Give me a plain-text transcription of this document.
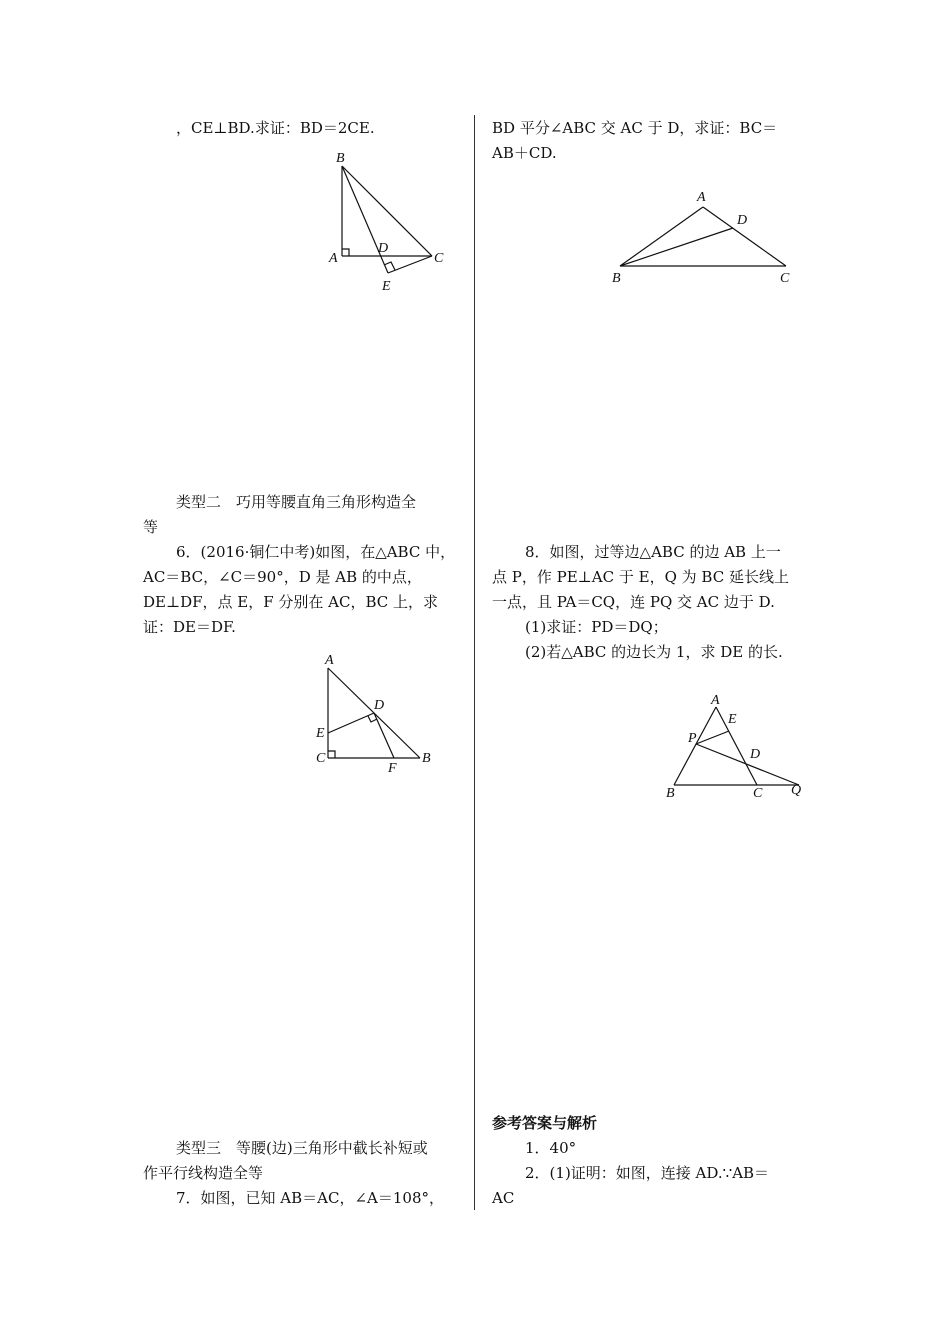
，CE⊥BD.求证：BD＝2CE.
B
A
D
C
E
类型二　巧用等腰直角三角形构造全
等
6．(2016·铜仁中考)如图，在△ABC 中，
AC＝BC，∠C＝90°，D 是 AB 的中点，
DE⊥DF，点 E，F 分别在 AC，BC 上，求
证：DE＝DF.
A
D
E
C
F
B
类型三　等腰(边)三角形中截长补短或
作平行线构造全等
7．如图，已知 AB＝AC，∠A＝108°，
BD 平分∠ABC 交 AC 于 D，求证：BC＝
AB＋CD.
A
D
B	C
8．如图，过等边△ABC 的边 AB 上一
点 P，作 PE⊥AC 于 E，Q 为 BC 延长线上
一点，且 PA＝CQ，连 PQ 交 AC 边于 D.
(1)求证：PD＝DQ；
(2)若△ABC 的边长为 1，求 DE 的长.
A
E
P
D
B	C Q
参考答案与解析
1．40°
2．(1)证明：如图，连接 AD.∵AB＝
AC
